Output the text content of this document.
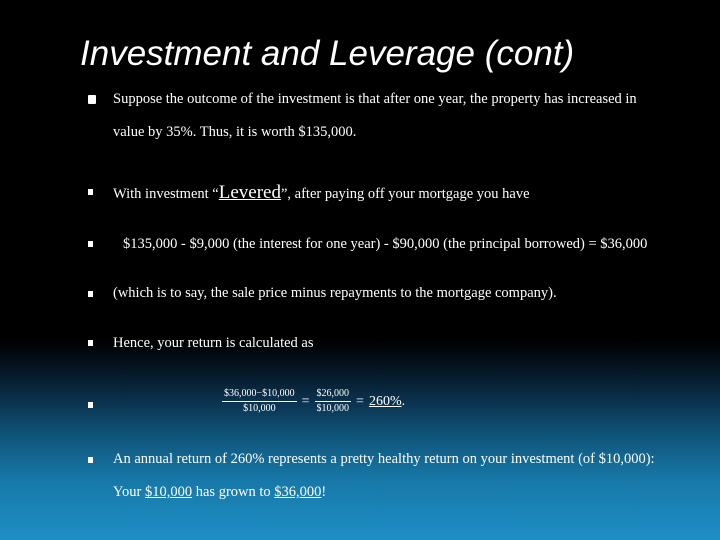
Investment and Leverage (cont)
Suppose the outcome of the investment is that after one year, the property has increased in
value by 35%. Thus, it is worth $135,000.
With investment “Levered”, after paying off your mortgage you have
$135,000 - $9,000 (the interest for one year) - $90,000 (the principal borrowed) = $36,000
(which is to say, the sale price minus repayments to the mortgage company).
Hence, your return is calculated as
$\frac{\$36,000-\$10,000}{\$10,000} = \frac{\$26,000}{\$10,000} = 260\%$ .
An annual return of 260% represents a pretty healthy return on your investment (of $10,000):
Your $10,000 has grown to $36,000!
